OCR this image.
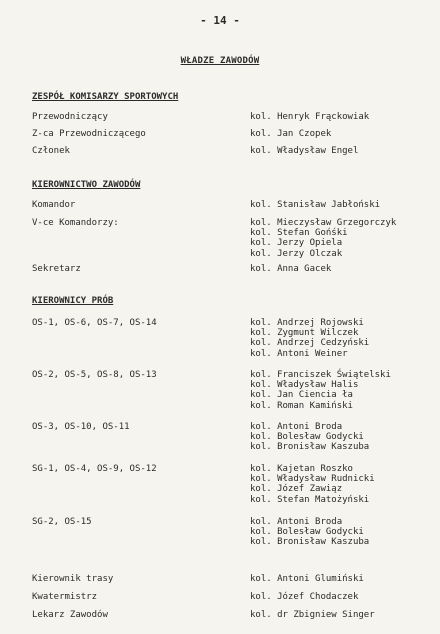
- 14 -
WŁADZE ZAWODÓW
ZESPÓŁ KOMISARZY SPORTOWYCH
Przewodniczący	kol. Henryk Frąckowiak
Z-ca Przewodniczącego	kol. Jan Czopek
Członek	kol. Władysław Engel
KIEROWNICTWO ZAWODÓW
Komandor	kol. Stanisław Jabłoński
V-ce Komandorzy:	kol. Mieczysław Grzegorczyk
kol. Stefan Gońśki
kol. Jerzy Opiela
kol. Jerzy Olczak
Sekretarz	kol. Anna Gacek
KIEROWNICY PRÓB
OS-1, OS-6, OS-7, OS-14	kol. Andrzej Rojowski
kol. Zygmunt Wilczek
kol. Andrzej Cedzyński
kol. Antoni Weiner
OS-2, OS-5, OS-8, OS-13	kol. Franciszek Świątelski
kol. Władysław Halis
kol. Jan Ciencia ła
kol. Roman Kamiński
OS-3, OS-10, OS-11	kol. Antoni Broda
kol. Bolesław Godycki
kol. Bronisław Kaszuba
SG-1, OS-4, OS-9, OS-12	kol. Kajetan Roszko
kol. Władysław Rudnicki
kol. Józef Zawiąz
kol. Stefan Matożyński
SG-2, OS-15	kol. Antoni Broda
kol. Bolesław Godycki
kol. Bronisław Kaszuba
Kierownik trasy	kol. Antoni Glumiński
Kwatermistrz	kol. Józef Chodaczek
Lekarz Zawodów	kol. dr Zbigniew Singer
